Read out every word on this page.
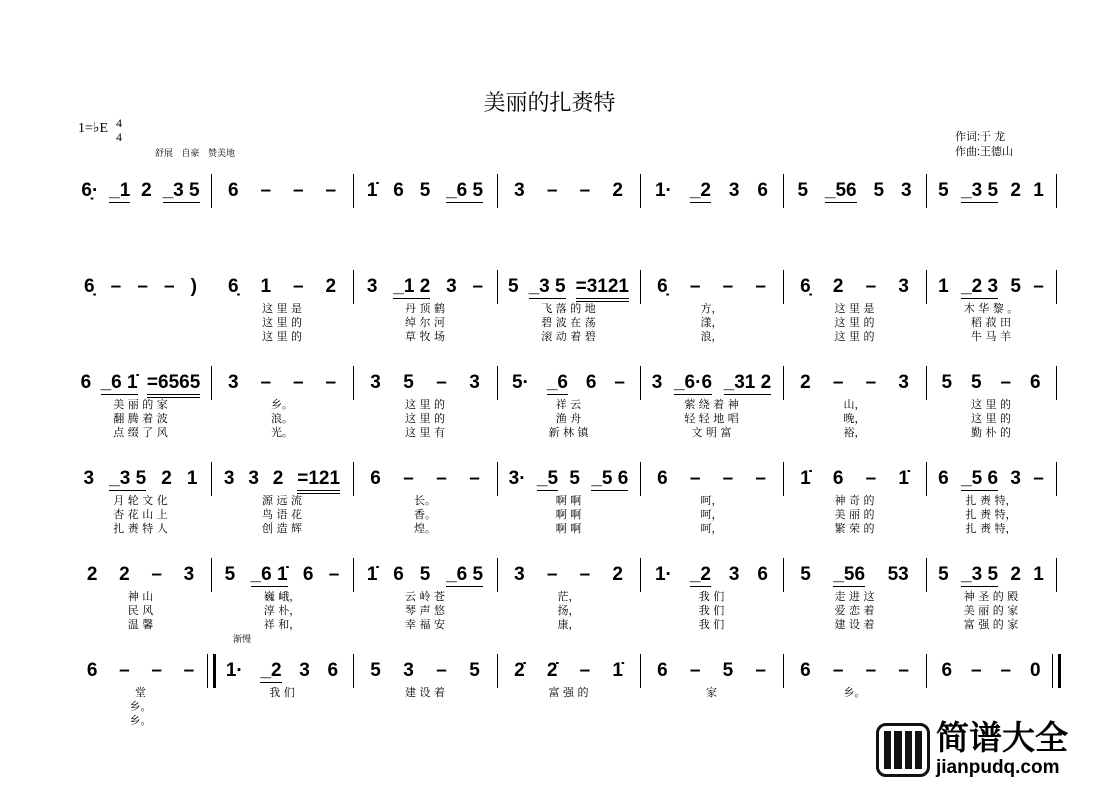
美丽的扎赉特
1=♭E 4
4
舒展 自豪 赞美地
作词:于 龙
作曲:王德山
渐慢
6̣· _1 2 _3 5 6 – – – 1̇ 6 5 _6 5 3 – – 2 1· _2 3 6 5 _56 5 3 5 _3 5 2 1
6̣ – – – ) 6̣ 1 – 2 3 _1 2 3 – 5 _3 5 =3121 6̣ – – – 6̣ 2 – 3 1 _2 3 5 –
这 里 是	丹 顶 鹤	飞 落 的 地	方，	这 里 是	木 华 黎 。
这 里 的	绰 尔 河	碧 波 在 荡	漾，	这 里 的	稻 菽 田
这 里 的	草 牧 场	滚 动 着 碧	浪，	这 里 的	牛 马 羊
6 _6 1̇ =6565 3 – – – 3 5 – 3 5· _6 6 – 3 _6·6 _31 2 2 – – 3 5 5 – 6
美 丽 的 家	乡。	这 里 的	祥 云	萦 绕 着 神	山，	这 里 的
翻 腾 着 波	浪。	这 里 的	渔 舟	轻 轻 地 唱	晚，	这 里 的
点 缀 了 风	光。	这 里 有	新 林 镇	文 明 富	裕，	勤 朴 的
3 _3 5 2 1 3 3 2 =121 6 – – – 3· _5 5 _5 6 6 – – – 1̇ 6 – 1̇ 6 _5 6 3 –
月 轮 文 化	源 远 流	长。	啊 啊	呵，	神 奇 的	扎 赉 特，
杏 花 山 上	鸟 语 花	香。	啊 啊	呵，	美 丽 的	扎 赉 特，
扎 赉 特 人	创 造 辉	煌。	啊 啊	呵，	繁 荣 的	扎 赉 特，
2 2 – 3 5 _6 1̇ 6 – 1̇ 6 5 _6 5 3 – – 2 1· _2 3 6 5 _56 53 5 _3 5 2 1
神 山	巍 峨，	云 岭 苍	茫，	我 们	走 进 这	神 圣 的 殿
民 风	淳 朴，	琴 声 悠	扬，	我 们	爱 恋 着	美 丽 的 家
温 馨	祥 和，	幸 福 安	康，	我 们	建 设 着	富 强 的 家
6 – – – 1· _2 3 6 5 3 – 5 2̇ 2̇ – 1̇ 6 – 5 – 6 – – – 6 – – 0
堂	我 们	建 设 着	富 强 的	家	乡。
乡。
乡。	简谱大全
jianpudq.com
